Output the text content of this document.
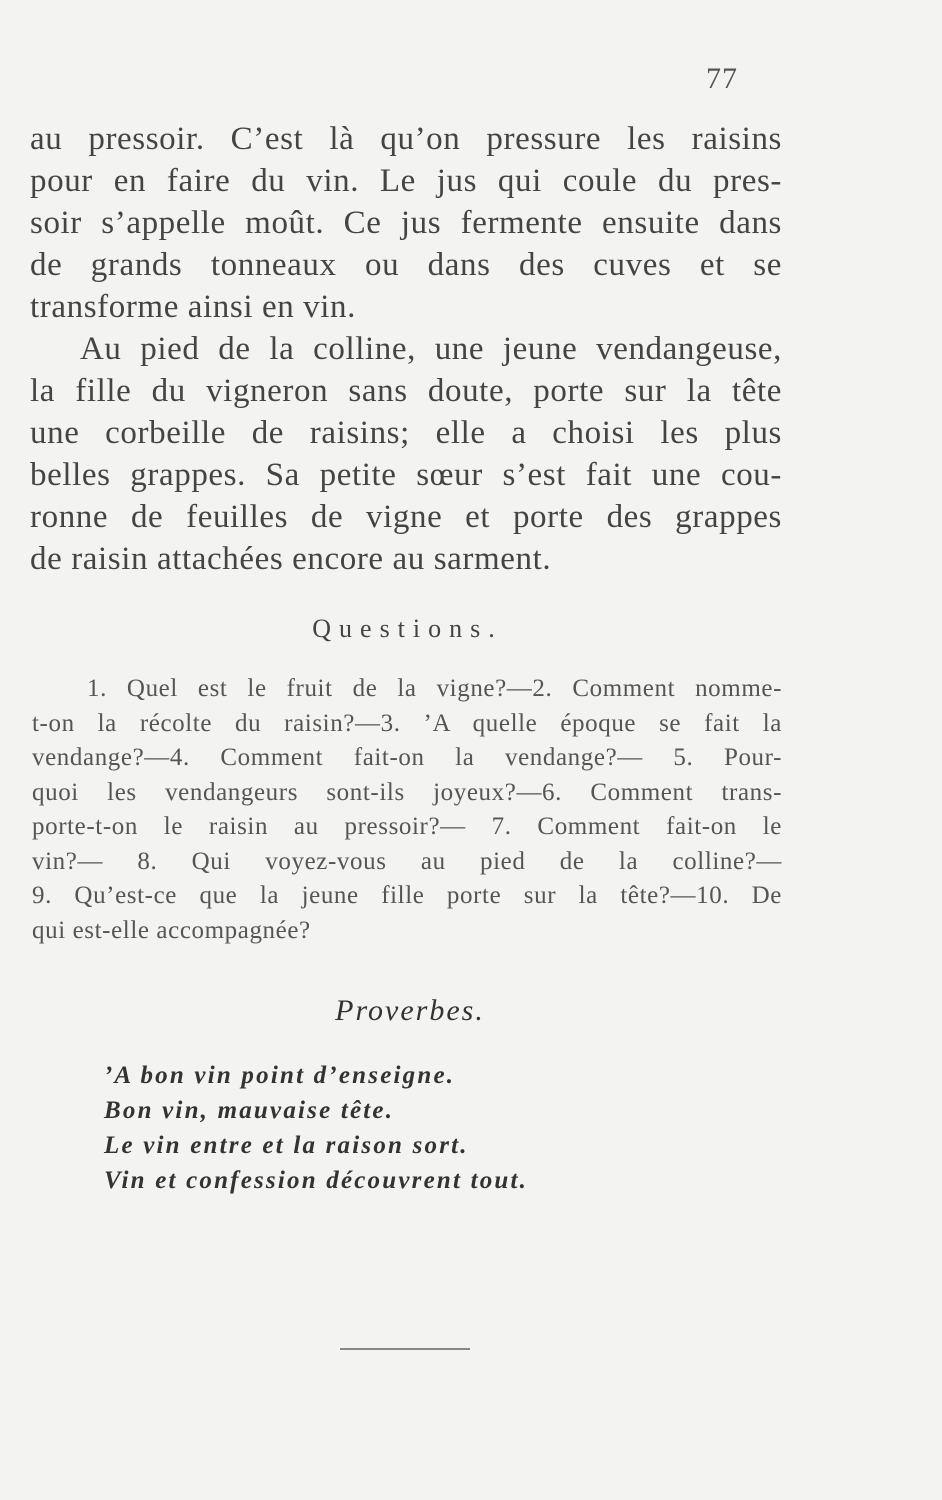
77
au pressoir. C’est là qu’on pressure les raisins
pour en faire du vin. Le jus qui coule du pres-
soir s’appelle moût. Ce jus fermente ensuite dans
de grands tonneaux ou dans des cuves et se
transforme ainsi en vin.
Au pied de la colline, une jeune vendangeuse,
la fille du vigneron sans doute, porte sur la tête
une corbeille de raisins; elle a choisi les plus
belles grappes. Sa petite sœur s’est fait une cou-
ronne de feuilles de vigne et porte des grappes
de raisin attachées encore au sarment.
Questions.
1. Quel est le fruit de la vigne?—2. Comment nomme-
t-on la récolte du raisin?—3. ’A quelle époque se fait la
vendange?—4. Comment fait-on la vendange?— 5. Pour-
quoi les vendangeurs sont-ils joyeux?—6. Comment trans-
porte-t-on le raisin au pressoir?— 7. Comment fait-on le
vin?— 8. Qui voyez-vous au pied de la colline?—
9. Qu’est-ce que la jeune fille porte sur la tête?—10. De
qui est-elle accompagnée?
Proverbes.
’A bon vin point d’enseigne.
Bon vin, mauvaise tête.
Le vin entre et la raison sort.
Vin et confession découvrent tout.
